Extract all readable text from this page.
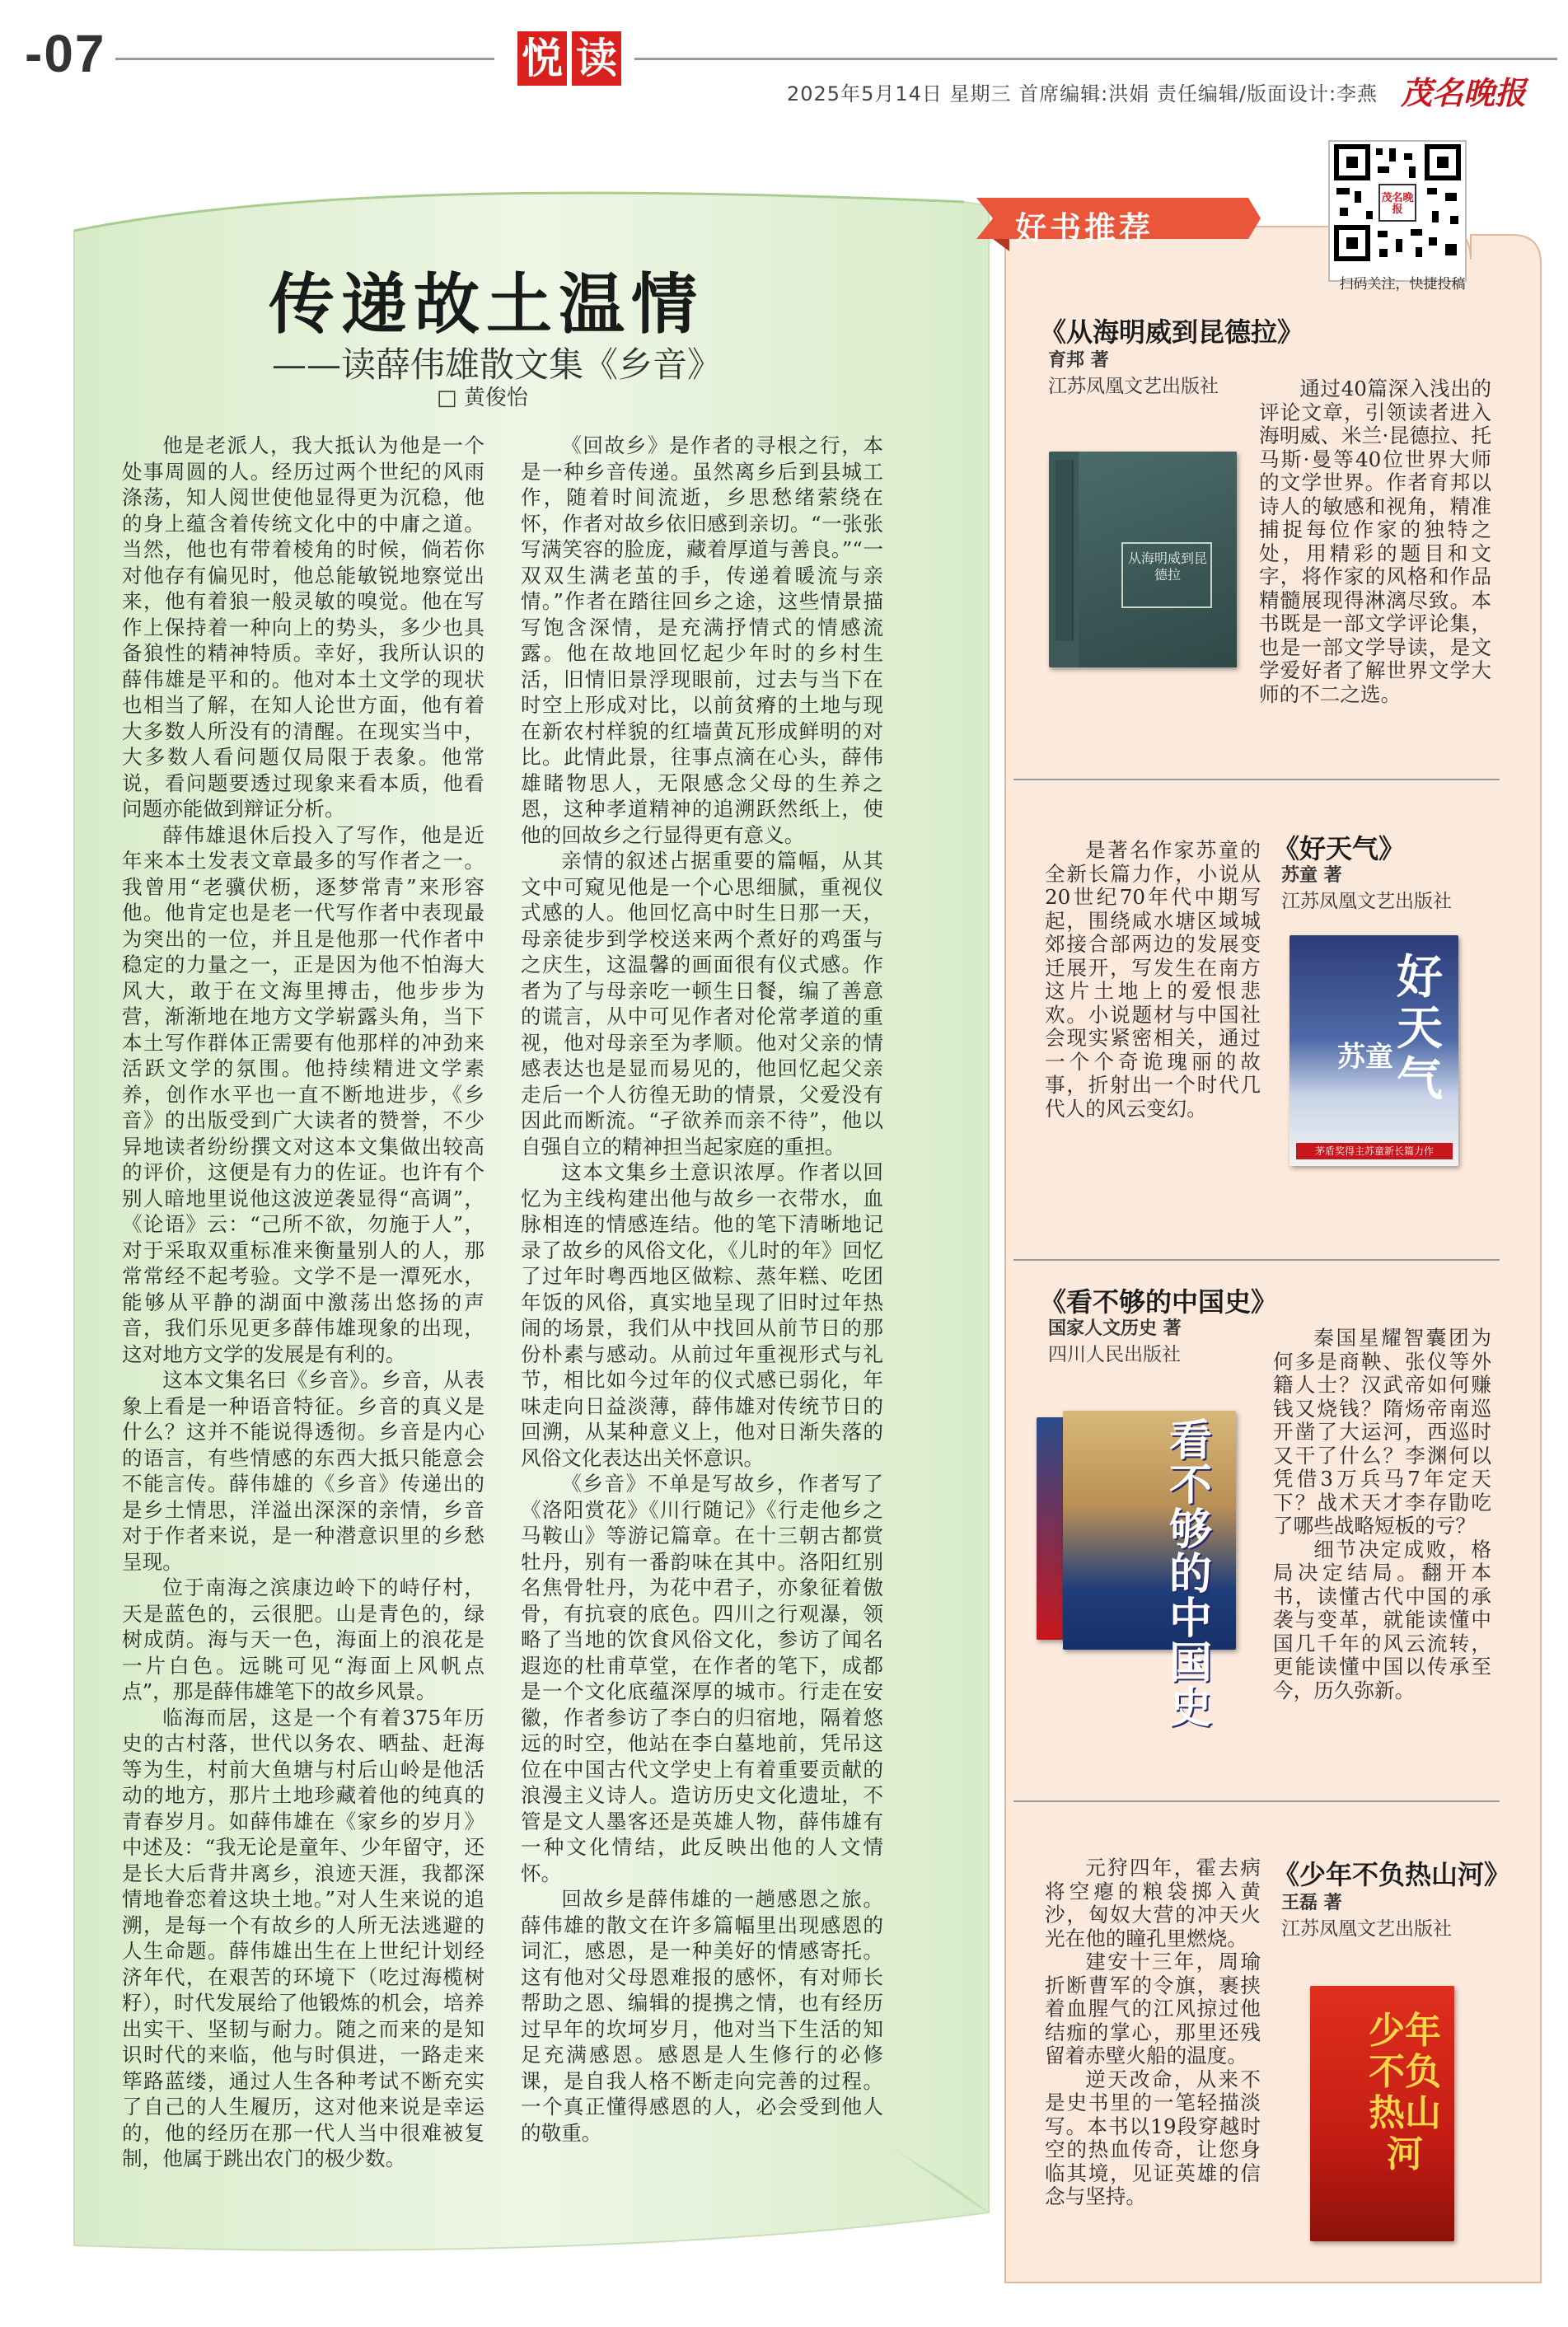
-07	悦 读
2025年5月14日 星期三 首席编辑:洪娟 责任编辑/版面设计:李燕 茂名晚报
传递故土温情
——读薛伟雄散文集《乡音》
□ 黄俊怡

他是老派人，我大抵认为他是一个处事周圆的人。经历过两个世纪的风雨涤荡，知人阅世使他显得更为沉稳，他的身上蕴含着传统文化中的中庸之道。当然，他也有带着棱角的时候，倘若你对他存有偏见时，他总能敏锐地察觉出来，他有着狼一般灵敏的嗅觉。他在写作上保持着一种向上的势头，多少也具备狼性的精神特质。幸好，我所认识的薛伟雄是平和的。他对本土文学的现状也相当了解，在知人论世方面，他有着大多数人所没有的清醒。在现实当中，大多数人看问题仅局限于表象。他常说，看问题要透过现象来看本质，他看问题亦能做到辩证分析。

薛伟雄退休后投入了写作，他是近年来本土发表文章最多的写作者之一。我曾用“老骥伏枥，逐梦常青”来形容他。他肯定也是老一代写作者中表现最为突出的一位，并且是他那一代作者中稳定的力量之一，正是因为他不怕海大风大，敢于在文海里搏击，他步步为营，渐渐地在地方文学崭露头角，当下本土写作群体正需要有他那样的冲劲来活跃文学的氛围。他持续精进文学素养，创作水平也一直不断地进步，《乡音》的出版受到广大读者的赞誉，不少异地读者纷纷撰文对这本文集做出较高的评价，这便是有力的佐证。也许有个别人暗地里说他这波逆袭显得“高调”，《论语》云：“己所不欲，勿施于人”，对于采取双重标准来衡量别人的人，那常常经不起考验。文学不是一潭死水，能够从平静的湖面中激荡出悠扬的声音，我们乐见更多薛伟雄现象的出现，这对地方文学的发展是有利的。

这本文集名曰《乡音》。乡音，从表象上看是一种语音特征。乡音的真义是什么？这并不能说得透彻。乡音是内心的语言，有些情感的东西大抵只能意会不能言传。薛伟雄的《乡音》传递出的是乡土情思，洋溢出深深的亲情，乡音对于作者来说，是一种潜意识里的乡愁呈现。

位于南海之滨康边岭下的峙仔村，天是蓝色的，云很肥。山是青色的，绿树成荫。海与天一色，海面上的浪花是一片白色。远眺可见“海面上风帆点点”，那是薛伟雄笔下的故乡风景。

临海而居，这是一个有着375年历史的古村落，世代以务农、晒盐、赶海等为生，村前大鱼塘与村后山岭是他活动的地方，那片土地珍藏着他的纯真的青春岁月。如薛伟雄在《家乡的岁月》中述及：“我无论是童年、少年留守，还是长大后背井离乡，浪迹天涯，我都深情地眷恋着这块土地。”对人生来说的追溯，是每一个有故乡的人所无法逃避的人生命题。薛伟雄出生在上世纪计划经济年代，在艰苦的环境下（吃过海榄树籽），时代发展给了他锻炼的机会，培养出实干、坚韧与耐力。随之而来的是知识时代的来临，他与时俱进，一路走来筚路蓝缕，通过人生各种考试不断充实了自己的人生履历，这对他来说是幸运的，他的经历在那一代人当中很难被复制，他属于跳出农门的极少数。

《回故乡》是作者的寻根之行，本是一种乡音传递。虽然离乡后到县城工作，随着时间流逝，乡思愁绪萦绕在怀，作者对故乡依旧感到亲切。“一张张写满笑容的脸庞，藏着厚道与善良。”“一双双生满老茧的手，传递着暖流与亲情。”作者在踏往回乡之途，这些情景描写饱含深情，是充满抒情式的情感流露。他在故地回忆起少年时的乡村生活，旧情旧景浮现眼前，过去与当下在时空上形成对比，以前贫瘠的土地与现在新农村样貌的红墙黄瓦形成鲜明的对比。此情此景，往事点滴在心头，薛伟雄睹物思人，无限感念父母的生养之恩，这种孝道精神的追溯跃然纸上，使他的回故乡之行显得更有意义。

亲情的叙述占据重要的篇幅，从其文中可窥见他是一个心思细腻，重视仪式感的人。他回忆高中时生日那一天，母亲徒步到学校送来两个煮好的鸡蛋与之庆生，这温馨的画面很有仪式感。作者为了与母亲吃一顿生日餐，编了善意的谎言，从中可见作者对伦常孝道的重视，他对母亲至为孝顺。他对父亲的情感表达也是显而易见的，他回忆起父亲走后一个人彷徨无助的情景，父爱没有因此而断流。“孑欲养而亲不待”，他以自强自立的精神担当起家庭的重担。

这本文集乡土意识浓厚。作者以回忆为主线构建出他与故乡一衣带水，血脉相连的情感连结。他的笔下清晰地记录了故乡的风俗文化，《儿时的年》回忆了过年时粤西地区做粽、蒸年糕、吃团年饭的风俗，真实地呈现了旧时过年热闹的场景，我们从中找回从前节日的那份朴素与感动。从前过年重视形式与礼节，相比如今过年的仪式感已弱化，年味走向日益淡薄，薛伟雄对传统节日的回溯，从某种意义上，他对日渐失落的风俗文化表达出关怀意识。

《乡音》不单是写故乡，作者写了《洛阳赏花》《川行随记》《行走他乡之马鞍山》等游记篇章。在十三朝古都赏牡丹，别有一番韵味在其中。洛阳红别名焦骨牡丹，为花中君子，亦象征着傲骨，有抗衰的底色。四川之行观瀑，领略了当地的饮食风俗文化，参访了闻名遐迩的杜甫草堂，在作者的笔下，成都是一个文化底蕴深厚的城市。行走在安徽，作者参访了李白的归宿地，隔着悠远的时空，他站在李白墓地前，凭吊这位在中国古代文学史上有着重要贡献的浪漫主义诗人。造访历史文化遗址，不管是文人墨客还是英雄人物，薛伟雄有一种文化情结，此反映出他的人文情怀。

回故乡是薛伟雄的一趟感恩之旅。薛伟雄的散文在许多篇幅里出现感恩的词汇，感恩，是一种美好的情感寄托。这有他对父母恩难报的感怀，有对师长帮助之恩、编辑的提携之情，也有经历过早年的坎坷岁月，他对当下生活的知足充满感恩。感恩是人生修行的必修课，是自我人格不断走向完善的过程。一个真正懂得感恩的人，必会受到他人的敬重。

好书推荐
茂名晚报
扫码关注，快捷投稿
《从海明威到昆德拉》
育邦 著
江苏凤凰文艺出版社
从海明威到昆德拉

通过40篇深入浅出的评论文章，引领读者进入海明威、米兰·昆德拉、托马斯·曼等40位世界大师的文学世界。作者育邦以诗人的敏感和视角，精准捕捉每位作家的独特之处，用精彩的题目和文字，将作家的风格和作品精髓展现得淋漓尽致。本书既是一部文学评论集，也是一部文学导读，是文学爱好者了解世界文学大师的不二之选。

是著名作家苏童的全新长篇力作，小说从20世纪70年代中期写起，围绕咸水塘区域城郊接合部两边的发展变迁展开，写发生在南方这片土地上的爱恨悲欢。小说题材与中国社会现实紧密相关，通过一个个奇诡瑰丽的故事，折射出一个时代几代人的风云变幻。

《好天气》
苏童 著
江苏凤凰文艺出版社
好天气
苏童
茅盾奖得主苏童新长篇力作
《看不够的中国史》
国家人文历史 著
四川人民出版社
看不够的中国史

秦国星耀智囊团为何多是商鞅、张仪等外籍人士？汉武帝如何赚钱又烧钱？隋炀帝南巡开凿了大运河，西巡时又干了什么？李渊何以凭借3万兵马7年定天下？战术天才李存勖吃了哪些战略短板的亏？

细节决定成败，格局决定结局。翻开本书，读懂古代中国的承袭与变革，就能读懂中国几千年的风云流转，更能读懂中国以传承至今，历久弥新。

元狩四年，霍去病将空瘪的粮袋掷入黄沙，匈奴大营的冲天火光在他的瞳孔里燃烧。

建安十三年，周瑜折断曹军的令旗，裹挟着血腥气的江风掠过他结痂的掌心，那里还残留着赤壁火船的温度。

逆天改命，从来不是史书里的一笔轻描淡写。本书以19段穿越时空的热血传奇，让您身临其境，见证英雄的信念与坚持。

《少年不负热山河》
王磊 著
江苏凤凰文艺出版社
少年不负热山河
